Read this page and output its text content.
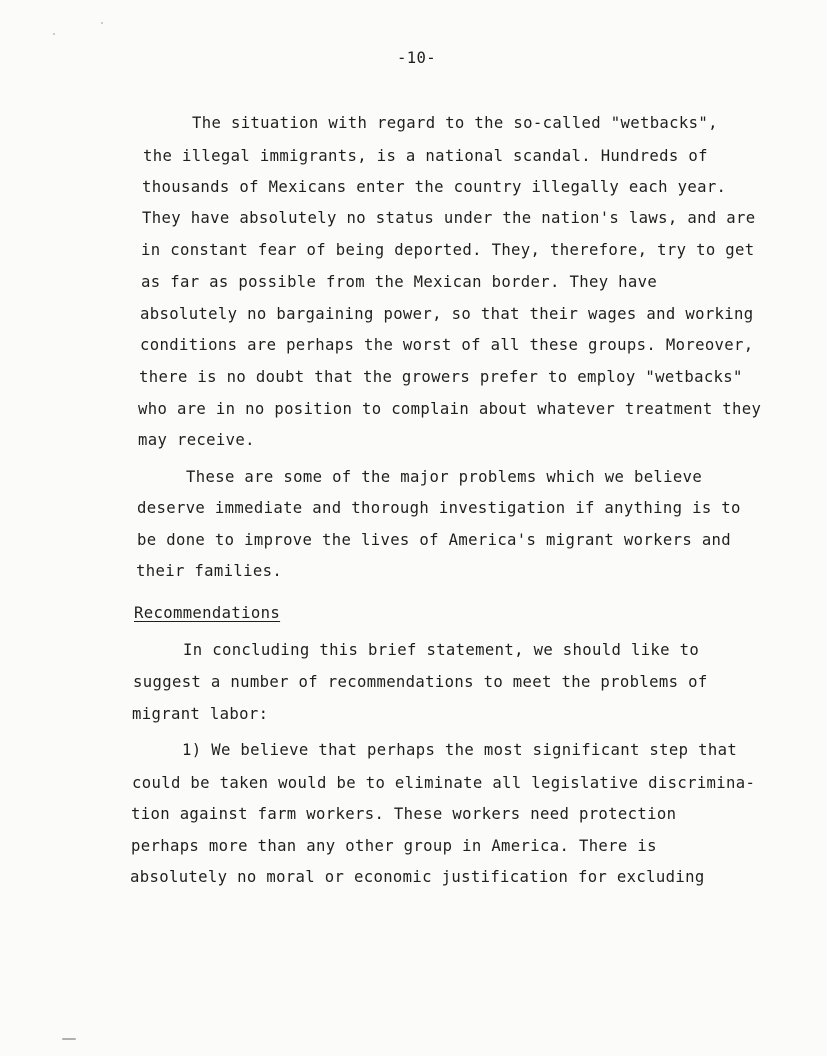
-10-
The situation with regard to the so-called "wetbacks",
the illegal immigrants, is a national scandal. Hundreds of
thousands of Mexicans enter the country illegally each year.
They have absolutely no status under the nation's laws, and are
in constant fear of being deported. They, therefore, try to get
as far as possible from the Mexican border. They have
absolutely no bargaining power, so that their wages and working
conditions are perhaps the worst of all these groups. Moreover,
there is no doubt that the growers prefer to employ "wetbacks"
who are in no position to complain about whatever treatment they
may receive.
These are some of the major problems which we believe
deserve immediate and thorough investigation if anything is to
be done to improve the lives of America's migrant workers and
their families.
Recommendations
In concluding this brief statement, we should like to
suggest a number of recommendations to meet the problems of
migrant labor:
1) We believe that perhaps the most significant step that
could be taken would be to eliminate all legislative discrimina-
tion against farm workers. These workers need protection
perhaps more than any other group in America. There is
absolutely no moral or economic justification for excluding
